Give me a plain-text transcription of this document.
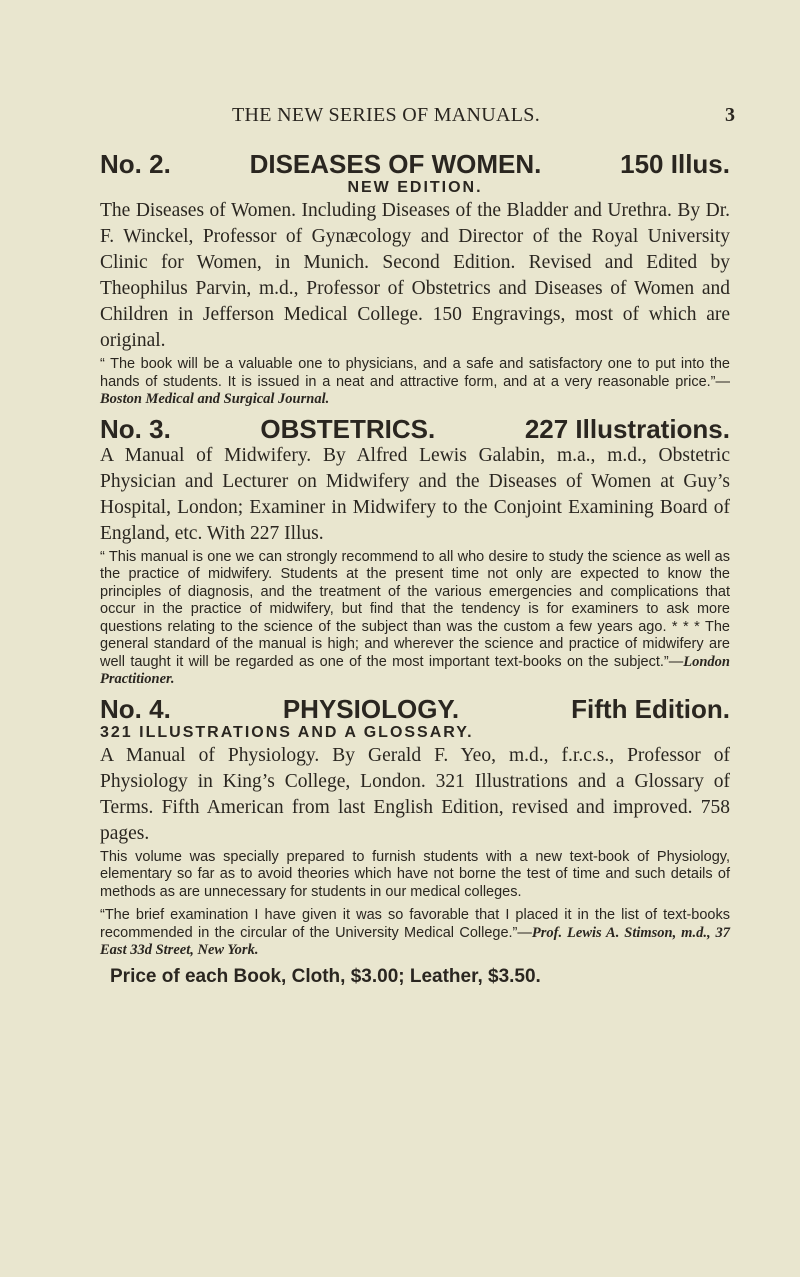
THE NEW SERIES OF MANUALS.	3
No. 2.	DISEASES OF WOMEN.	150 Illus.
NEW EDITION.

The Diseases of Women. Including Diseases of the Bladder and Urethra. By Dr. F. Winckel, Professor of Gynæcology and Director of the Royal University Clinic for Women, in Munich. Second Edition. Revised and Edited by Theophilus Parvin, m.d., Professor of Obstetrics and Diseases of Women and Children in Jefferson Medical College. 150 Engravings, most of which are original.

“ The book will be a valuable one to physicians, and a safe and satisfactory one to put into the hands of students. It is issued in a neat and attractive form, and at a very reasonable price.”—Boston Medical and Surgical Journal.

No. 3.	OBSTETRICS.	227 Illustrations.

A Manual of Midwifery. By Alfred Lewis Galabin, m.a., m.d., Obstetric Physician and Lecturer on Midwifery and the Diseases of Women at Guy’s Hospital, London; Examiner in Midwifery to the Conjoint Examining Board of England, etc. With 227 Illus.

“ This manual is one we can strongly recommend to all who desire to study the science as well as the practice of midwifery. Students at the present time not only are expected to know the principles of diagnosis, and the treatment of the various emergencies and complications that occur in the practice of midwifery, but find that the tendency is for examiners to ask more questions relating to the science of the subject than was the custom a few years ago. * * * The general standard of the manual is high; and wherever the science and practice of midwifery are well taught it will be regarded as one of the most important text-books on the subject.”—London Practitioner.

No. 4.	PHYSIOLOGY.	Fifth Edition.
321 ILLUSTRATIONS AND A GLOSSARY.

A Manual of Physiology. By Gerald F. Yeo, m.d., f.r.c.s., Professor of Physiology in King’s College, London. 321 Illustrations and a Glossary of Terms. Fifth American from last English Edition, revised and improved. 758 pages.

This volume was specially prepared to furnish students with a new text-book of Physiology, elementary so far as to avoid theories which have not borne the test of time and such details of methods as are unnecessary for students in our medical colleges.

“The brief examination I have given it was so favorable that I placed it in the list of text-books recommended in the circular of the University Medical College.”—Prof. Lewis A. Stimson, m.d., 37 East 33d Street, New York.

Price of each Book, Cloth, $3.00; Leather, $3.50.
